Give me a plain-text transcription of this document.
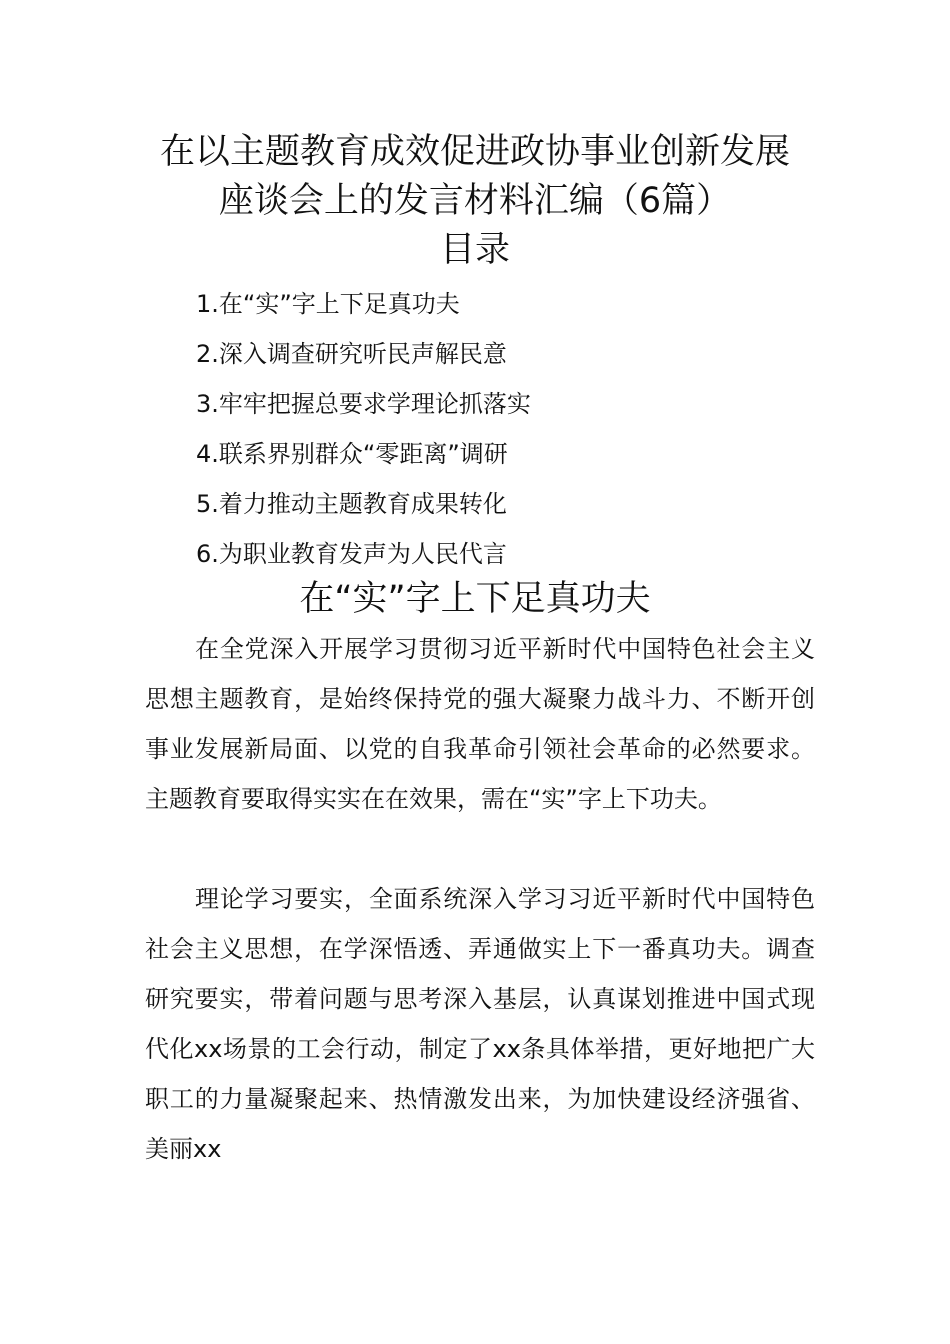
在以主题教育成效促进政协事业创新发展
座谈会上的发言材料汇编（6篇）
目录
1.在“实”字上下足真功夫
2.深入调查研究听民声解民意
3.牢牢把握总要求学理论抓落实
4.联系界别群众“零距离”调研
5.着力推动主题教育成果转化
6.为职业教育发声为人民代言
在“实”字上下足真功夫

在全党深入开展学习贯彻习近平新时代中国特色社会主义思想主题教育，是始终保持党的强大凝聚力战斗力、不断开创事业发展新局面、以党的自我革命引领社会革命的必然要求。主题教育要取得实实在在效果，需在“实”字上下功夫。

理论学习要实，全面系统深入学习习近平新时代中国特色社会主义思想，在学深悟透、弄通做实上下一番真功夫。调查研究要实，带着问题与思考深入基层，认真谋划推进中国式现代化xx场景的工会行动，制定了xx条具体举措，更好地把广大职工的力量凝聚起来、热情激发出来，为加快建设经济强省、美丽xx
